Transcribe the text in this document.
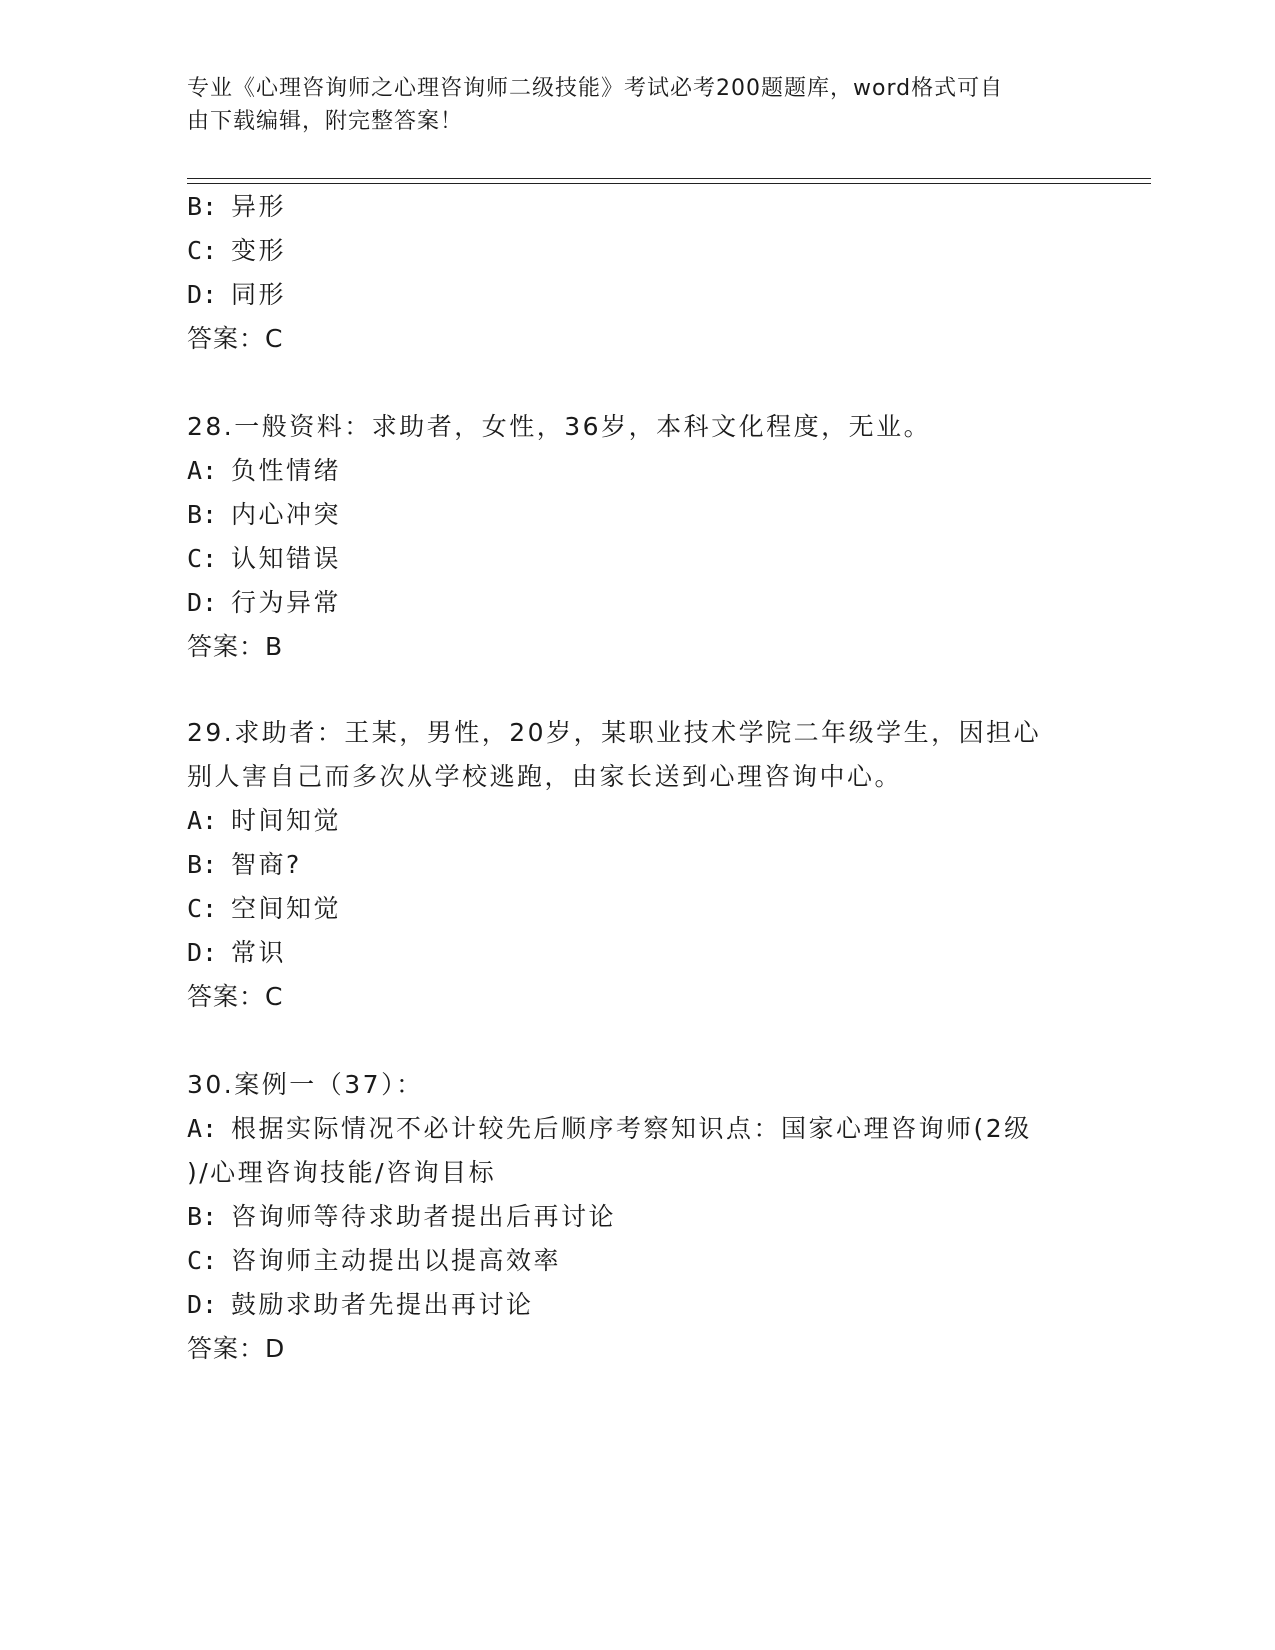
专业《心理咨询师之心理咨询师二级技能》考试必考200题题库，word格式可自
由下载编辑，附完整答案！
B: 异形
C: 变形
D: 同形
答案：C
28.一般资料：求助者，女性，36岁，本科文化程度，无业。
A: 负性情绪
B: 内心冲突
C: 认知错误
D: 行为异常
答案：B
29.求助者：王某，男性，20岁，某职业技术学院二年级学生，因担心
别人害自己而多次从学校逃跑，由家长送到心理咨询中心。
A: 时间知觉
B: 智商?
C: 空间知觉
D: 常识
答案：C
30.案例一（37）：
A: 根据实际情况不必计较先后顺序考察知识点：国家心理咨询师(2级
)/心理咨询技能/咨询目标
B: 咨询师等待求助者提出后再讨论
C: 咨询师主动提出以提高效率
D: 鼓励求助者先提出再讨论
答案：D
